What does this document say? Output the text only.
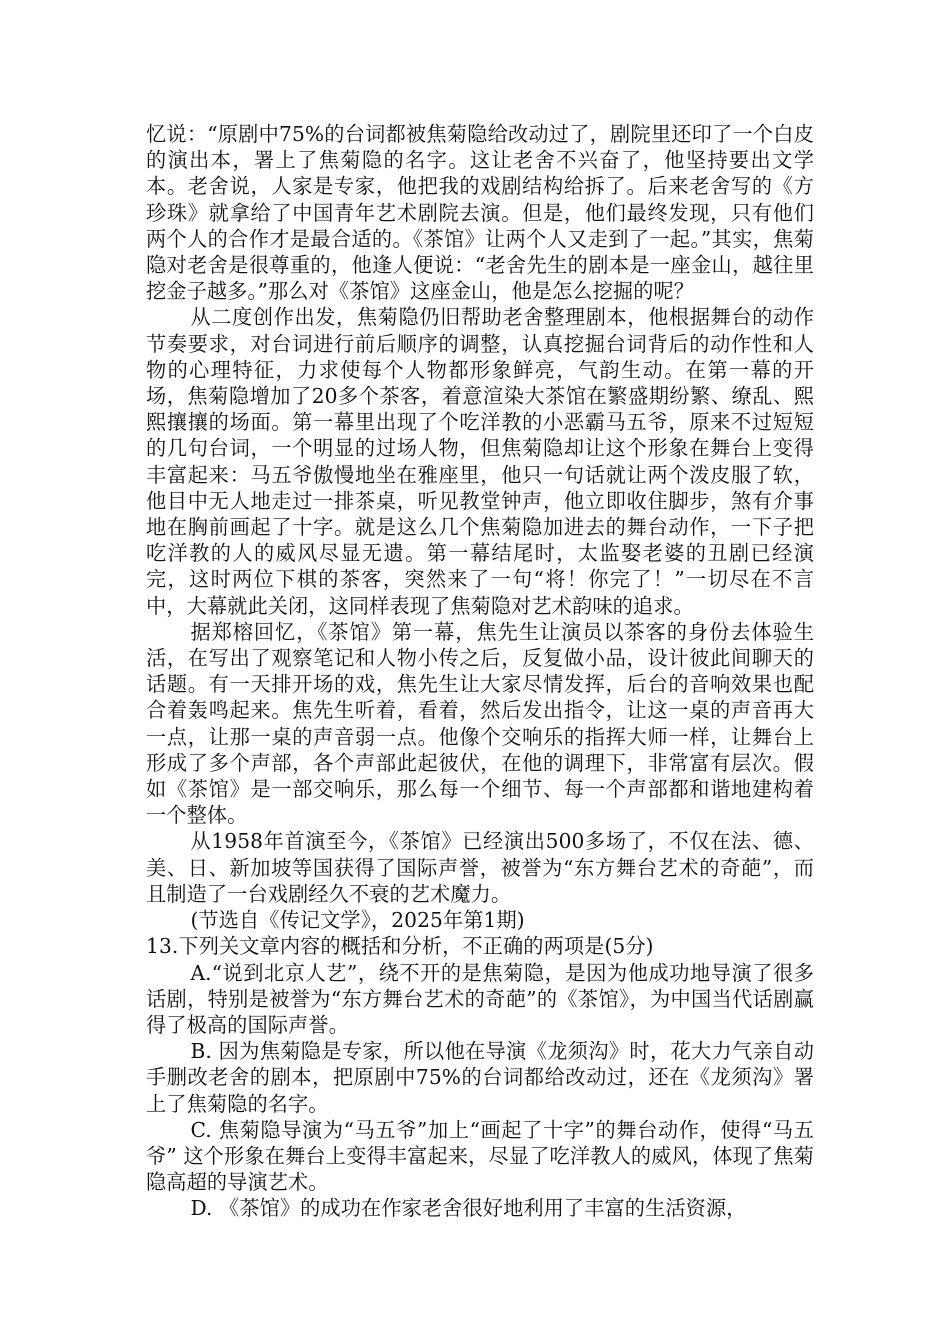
忆说：“原剧中75%的台词都被焦菊隐给改动过了，剧院里还印了一个白皮的演出本，署上了焦菊隐的名字。这让老舍不兴奋了，他坚持要出文学本。老舍说，人家是专家，他把我的戏剧结构给拆了。后来老舍写的《方珍珠》就拿给了中国青年艺术剧院去演。但是，他们最终发现，只有他们两个人的合作才是最合适的。《茶馆》让两个人又走到了一起。”其实，焦菊隐对老舍是很尊重的，他逢人便说：“老舍先生的剧本是一座金山，越往里挖金子越多。”那么对《茶馆》这座金山，他是怎么挖掘的呢？

从二度创作出发，焦菊隐仍旧帮助老舍整理剧本，他根据舞台的动作节奏要求，对台词进行前后顺序的调整，认真挖掘台词背后的动作性和人物的心理特征，力求使每个人物都形象鲜亮，气韵生动。在第一幕的开场，焦菊隐增加了20多个茶客，着意渲染大茶馆在繁盛期纷繁、缭乱、熙熙攘攘的场面。第一幕里出现了个吃洋教的小恶霸马五爷，原来不过短短的几句台词，一个明显的过场人物，但焦菊隐却让这个形象在舞台上变得丰富起来：马五爷傲慢地坐在雅座里，他只一句话就让两个泼皮服了软，他目中无人地走过一排茶桌，听见教堂钟声，他立即收住脚步，煞有介事地在胸前画起了十字。就是这么几个焦菊隐加进去的舞台动作，一下子把吃洋教的人的威风尽显无遗。第一幕结尾时，太监娶老婆的丑剧已经演完，这时两位下棋的茶客，突然来了一句“将！你完了！”一切尽在不言中，大幕就此关闭，这同样表现了焦菊隐对艺术韵味的追求。

据郑榕回忆，《茶馆》第一幕，焦先生让演员以茶客的身份去体验生活，在写出了观察笔记和人物小传之后，反复做小品，设计彼此间聊天的话题。有一天排开场的戏，焦先生让大家尽情发挥，后台的音响效果也配合着轰鸣起来。焦先生听着，看着，然后发出指令，让这一桌的声音再大一点，让那一桌的声音弱一点。他像个交响乐的指挥大师一样，让舞台上形成了多个声部，各个声部此起彼伏，在他的调理下，非常富有层次。假如《茶馆》是一部交响乐，那么每一个细节、每一个声部都和谐地建构着一个整体。

从1958年首演至今，《茶馆》已经演出500多场了，不仅在法、德、美、日、新加坡等国获得了国际声誉，被誉为“东方舞台艺术的奇葩”，而且制造了一台戏剧经久不衰的艺术魔力。

(节选自《传记文学》，2025年第1期)

13.下列关文章内容的概括和分析，不正确的两项是(5分)

A.“说到北京人艺”，绕不开的是焦菊隐，是因为他成功地导演了很多话剧，特别是被誉为“东方舞台艺术的奇葩”的《茶馆》，为中国当代话剧赢得了极高的国际声誉。

B. 因为焦菊隐是专家，所以他在导演《龙须沟》时，花大力气亲自动手删改老舍的剧本，把原剧中75%的台词都给改动过，还在《龙须沟》署上了焦菊隐的名字。

C. 焦菊隐导演为“马五爷”加上“画起了十字”的舞台动作，使得“马五爷” 这个形象在舞台上变得丰富起来，尽显了吃洋教人的威风，体现了焦菊隐高超的导演艺术。

D. 《茶馆》的成功在作家老舍很好地利用了丰富的生活资源，
